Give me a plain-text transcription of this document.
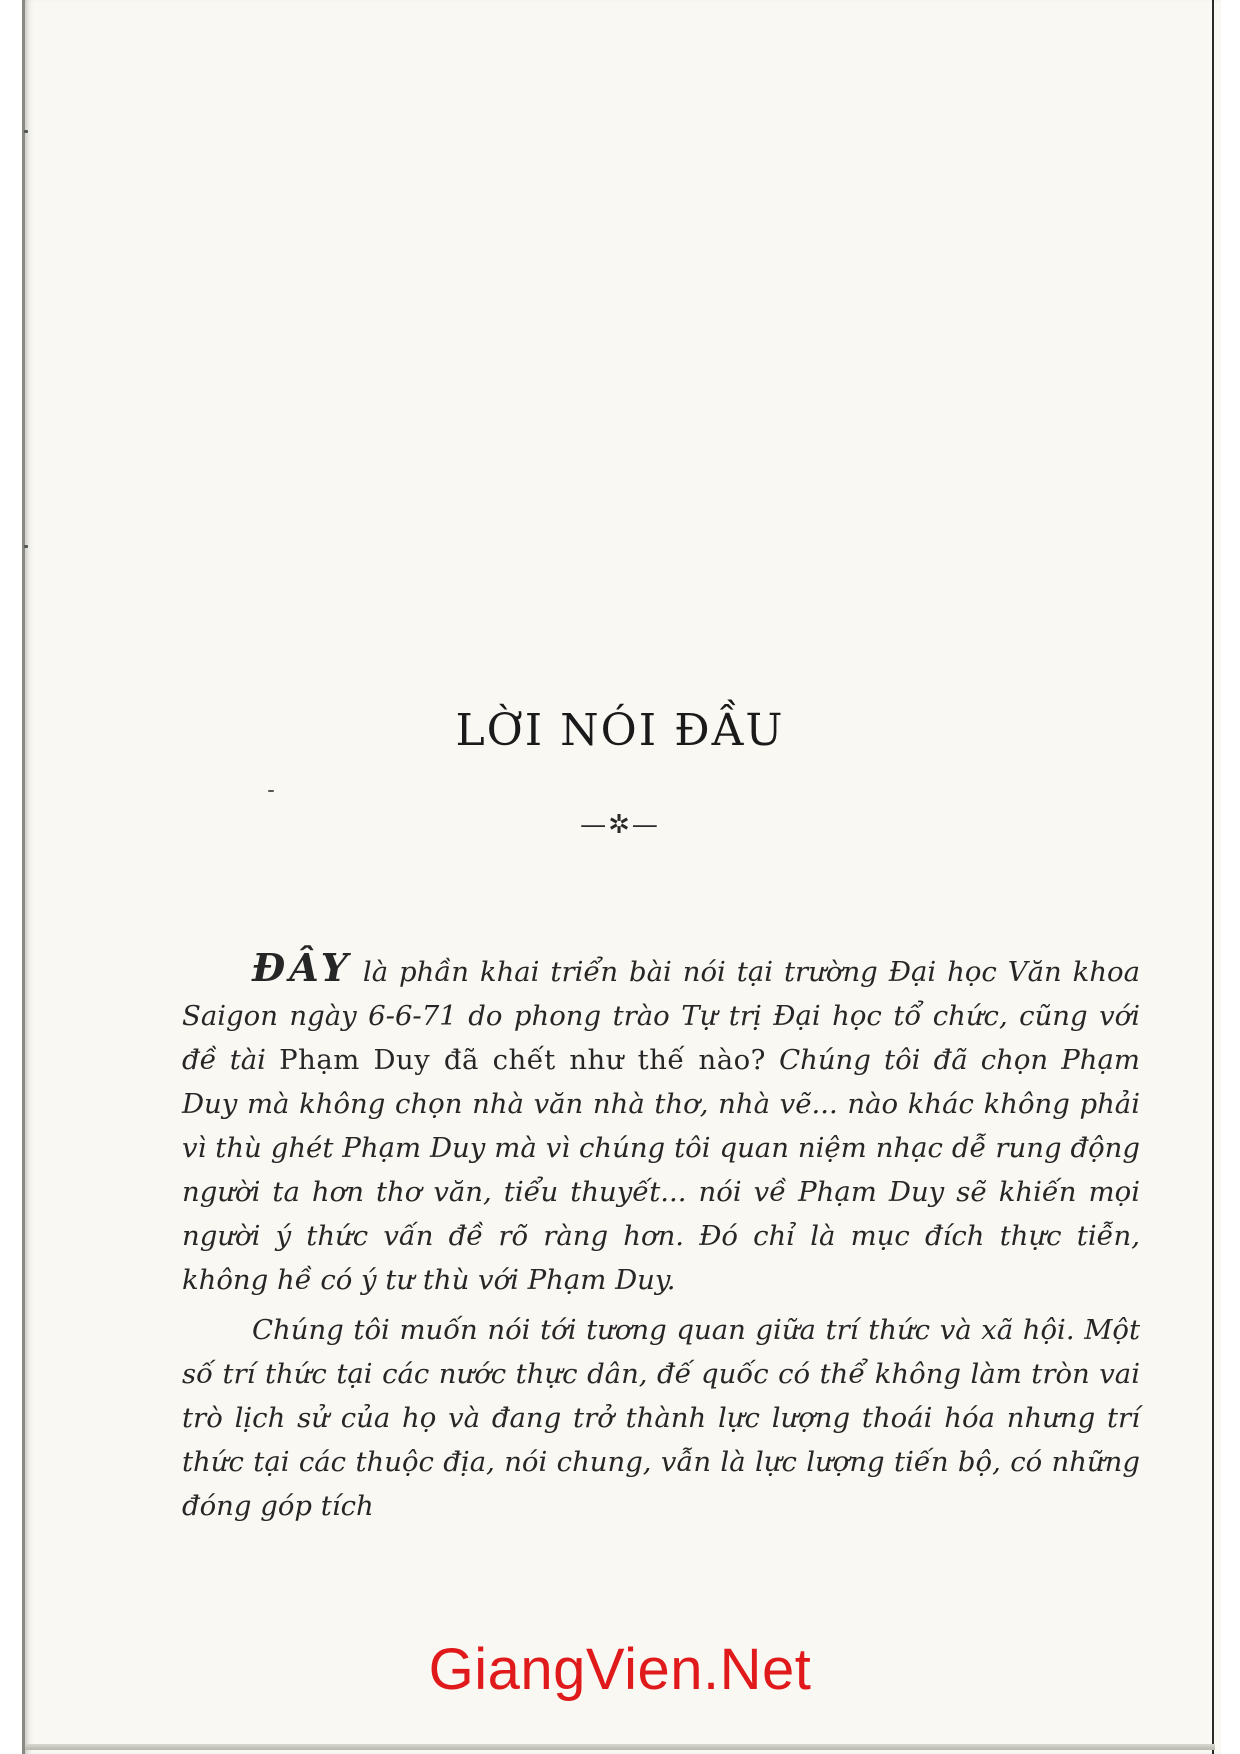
LỜI NÓI ĐẦU
—✲—

ĐÂY là phần khai triển bài nói tại trường Đại học Văn khoa Saigon ngày 6-6-71 do phong trào Tự trị Đại học tổ chức, cũng với đề tài Phạm Duy đã chết như thế nào? Chúng tôi đã chọn Phạm Duy mà không chọn nhà văn nhà thơ, nhà vẽ... nào khác không phải vì thù ghét Phạm Duy mà vì chúng tôi quan niệm nhạc dễ rung động người ta hơn thơ văn, tiểu thuyết... nói về Phạm Duy sẽ khiến mọi người ý thức vấn đề rõ ràng hơn. Đó chỉ là mục đích thực tiễn, không hề có ý tư thù với Phạm Duy.

Chúng tôi muốn nói tới tương quan giữa trí thức và xã hội. Một số trí thức tại các nước thực dân, đế quốc có thể không làm tròn vai trò lịch sử của họ và đang trở thành lực lượng thoái hóa nhưng trí thức tại các thuộc địa, nói chung, vẫn là lực lượng tiến bộ, có những đóng góp tích

GiangVien.Net
